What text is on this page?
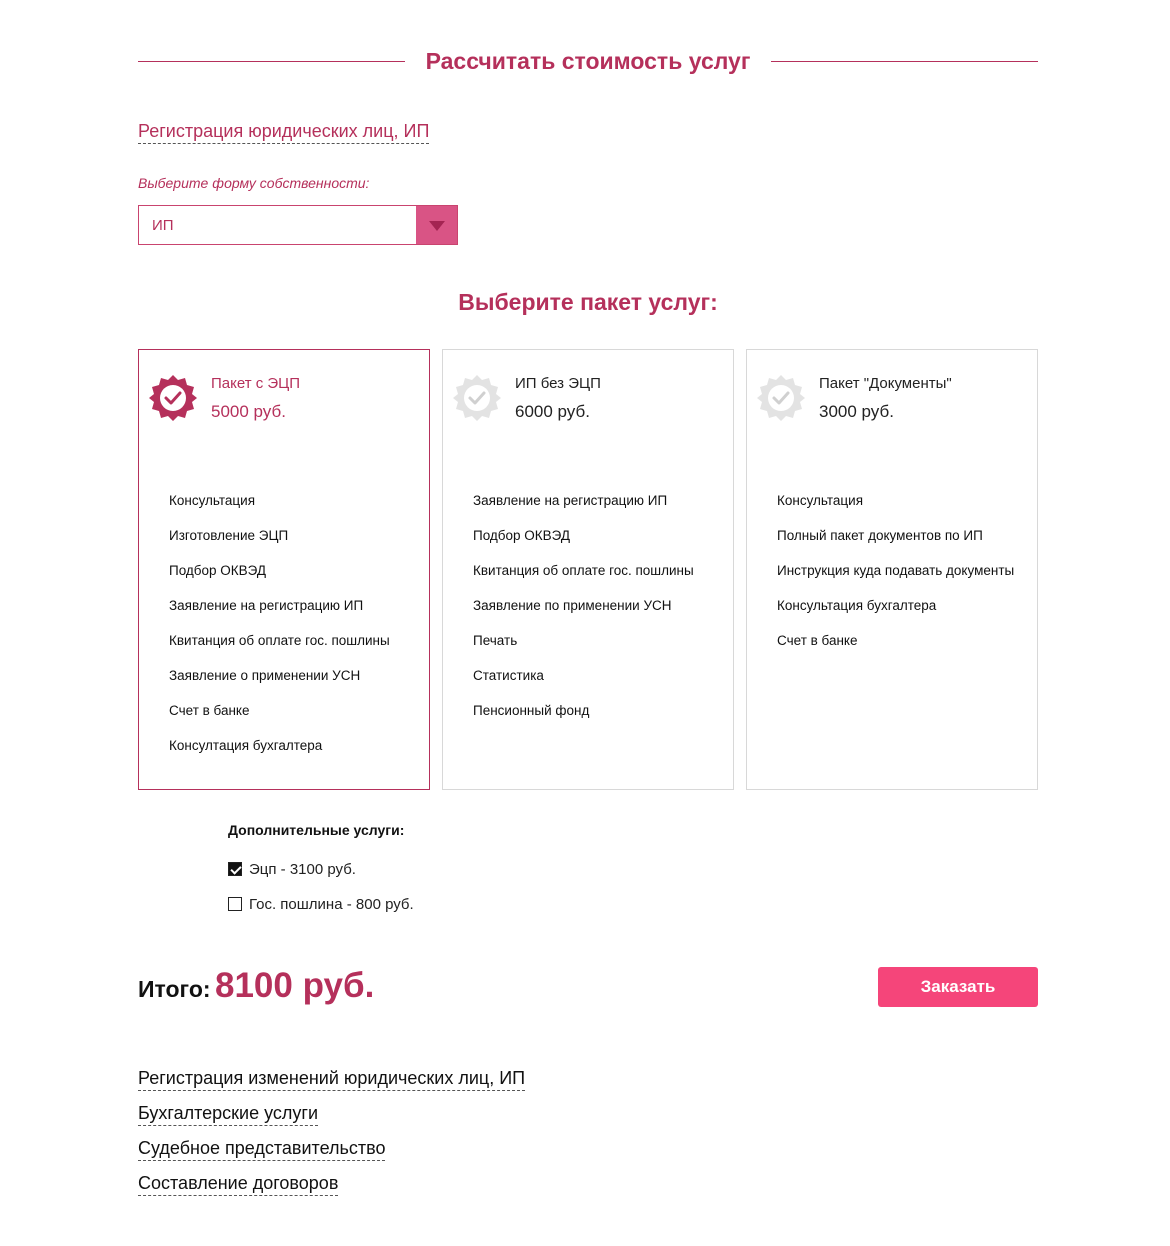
Рассчитать стоимость услуг
Регистрация юридических лиц, ИП
Выберите форму собственности:
ИП
Выберите пакет услуг:
Пакет с ЭЦП
5000 руб.
Консультация
Изготовление ЭЦП
Подбор ОКВЭД
Заявление на регистрацию ИП
Квитанция об оплате гос. пошлины
Заявление о применении УСН
Счет в банке
Консултация бухгалтера
ИП без ЭЦП
6000 руб.
Заявление на регистрацию ИП
Подбор ОКВЭД
Квитанция об оплате гос. пошлины
Заявление по применении УСН
Печать
Статистика
Пенсионный фонд
Пакет "Документы"
3000 руб.
Консультация
Полный пакет документов по ИП
Инструкция куда подавать документы
Консультация бухгалтера
Счет в банке
Дополнительные услуги:
Эцп - 3100 руб.
Гос. пошлина - 800 руб.
Итого: 8100 руб.	Заказать
Регистрация изменений юридических лиц, ИП
Бухгалтерские услуги
Судебное представительство
Составление договоров
